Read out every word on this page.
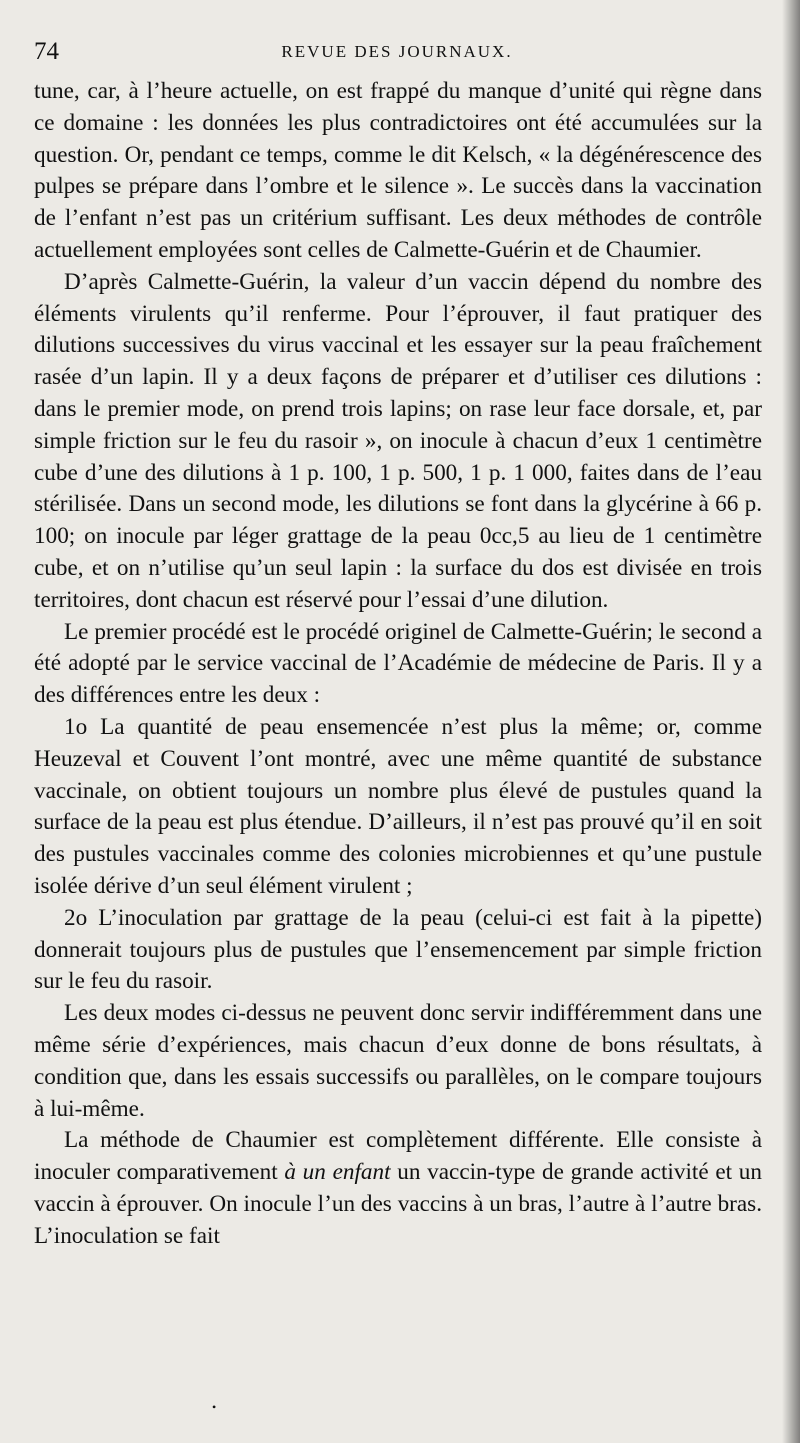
74	REVUE DES JOURNAUX.

tune, car, à l’heure actuelle, on est frappé du manque d’unité qui règne dans ce domaine : les données les plus contradictoires ont été accumulées sur la question. Or, pendant ce temps, comme le dit Kelsch, « la dégénérescence des pulpes se prépare dans l’ombre et le silence ». Le succès dans la vaccination de l’enfant n’est pas un critérium suffisant. Les deux méthodes de contrôle actuellement employées sont celles de Calmette-Guérin et de Chaumier.

D’après Calmette-Guérin, la valeur d’un vaccin dépend du nombre des éléments virulents qu’il renferme. Pour l’éprouver, il faut pratiquer des dilutions successives du virus vaccinal et les essayer sur la peau fraîchement rasée d’un lapin. Il y a deux façons de préparer et d’utiliser ces dilutions : dans le premier mode, on prend trois lapins; on rase leur face dorsale, et, par simple friction sur le feu du rasoir », on inocule à chacun d’eux 1 centimètre cube d’une des dilutions à 1 p. 100, 1 p. 500, 1 p. 1 000, faites dans de l’eau stérilisée. Dans un second mode, les dilutions se font dans la glycérine à 66 p. 100; on inocule par léger grattage de la peau 0cc,5 au lieu de 1 centimètre cube, et on n’utilise qu’un seul lapin : la surface du dos est divisée en trois territoires, dont chacun est réservé pour l’essai d’une dilution.

Le premier procédé est le procédé originel de Calmette-Guérin; le second a été adopté par le service vaccinal de l’Académie de médecine de Paris. Il y a des différences entre les deux :

1o La quantité de peau ensemencée n’est plus la même; or, comme Heuzeval et Couvent l’ont montré, avec une même quantité de substance vaccinale, on obtient toujours un nombre plus élevé de pustules quand la surface de la peau est plus étendue. D’ailleurs, il n’est pas prouvé qu’il en soit des pustules vaccinales comme des colonies microbiennes et qu’une pustule isolée dérive d’un seul élément virulent ;

2o L’inoculation par grattage de la peau (celui-ci est fait à la pipette) donnerait toujours plus de pustules que l’ensemencement par simple friction sur le feu du rasoir.

Les deux modes ci-dessus ne peuvent donc servir indifféremment dans une même série d’expériences, mais chacun d’eux donne de bons résultats, à condition que, dans les essais successifs ou parallèles, on le compare toujours à lui-même.

La méthode de Chaumier est complètement différente. Elle consiste à inoculer comparativement à un enfant un vaccin-type de grande activité et un vaccin à éprouver. On inocule l’un des vaccins à un bras, l’autre à l’autre bras. L’inoculation se fait

•
